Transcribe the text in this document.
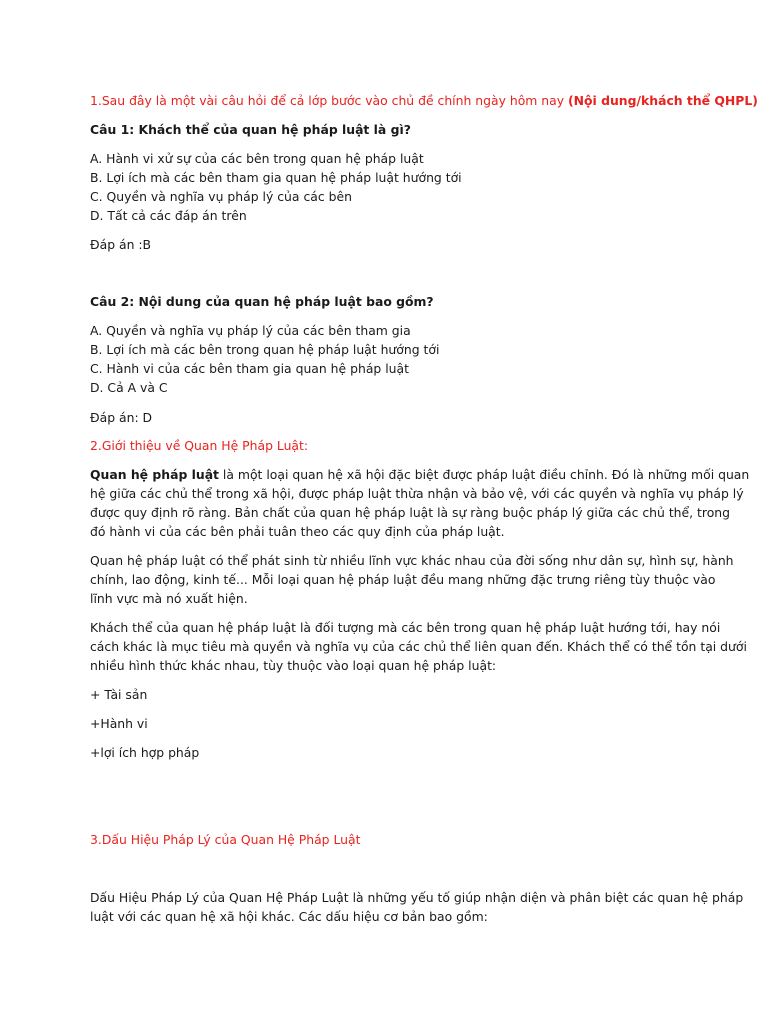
1.Sau đây là một vài câu hỏi để cả lớp bước vào chủ đề chính ngày hôm nay (Nội dung/khách thể QHPL)
Câu 1: Khách thể của quan hệ pháp luật là gì?
A. Hành vi xử sự của các bên trong quan hệ pháp luật
B. Lợi ích mà các bên tham gia quan hệ pháp luật hướng tới
C. Quyền và nghĩa vụ pháp lý của các bên
D. Tất cả các đáp án trên
Đáp án :B
Câu 2: Nội dung của quan hệ pháp luật bao gồm?
A. Quyền và nghĩa vụ pháp lý của các bên tham gia
B. Lợi ích mà các bên trong quan hệ pháp luật hướng tới
C. Hành vi của các bên tham gia quan hệ pháp luật
D. Cả A và C
Đáp án: D
2.Giới thiệu về Quan Hệ Pháp Luật:
Quan hệ pháp luật là một loại quan hệ xã hội đặc biệt được pháp luật điều chỉnh. Đó là những mối quan
hệ giữa các chủ thể trong xã hội, được pháp luật thừa nhận và bảo vệ, với các quyền và nghĩa vụ pháp lý
được quy định rõ ràng. Bản chất của quan hệ pháp luật là sự ràng buộc pháp lý giữa các chủ thể, trong
đó hành vi của các bên phải tuân theo các quy định của pháp luật.
Quan hệ pháp luật có thể phát sinh từ nhiều lĩnh vực khác nhau của đời sống như dân sự, hình sự, hành
chính, lao động, kinh tế... Mỗi loại quan hệ pháp luật đều mang những đặc trưng riêng tùy thuộc vào
lĩnh vực mà nó xuất hiện.
Khách thể của quan hệ pháp luật là đối tượng mà các bên trong quan hệ pháp luật hướng tới, hay nói
cách khác là mục tiêu mà quyền và nghĩa vụ của các chủ thể liên quan đến. Khách thể có thể tồn tại dưới
nhiều hình thức khác nhau, tùy thuộc vào loại quan hệ pháp luật:
+ Tài sản
+Hành vi
+lợi ích hợp pháp
3.Dấu Hiệu Pháp Lý của Quan Hệ Pháp Luật
Dấu Hiệu Pháp Lý của Quan Hệ Pháp Luật là những yếu tố giúp nhận diện và phân biệt các quan hệ pháp
luật với các quan hệ xã hội khác. Các dấu hiệu cơ bản bao gồm:
